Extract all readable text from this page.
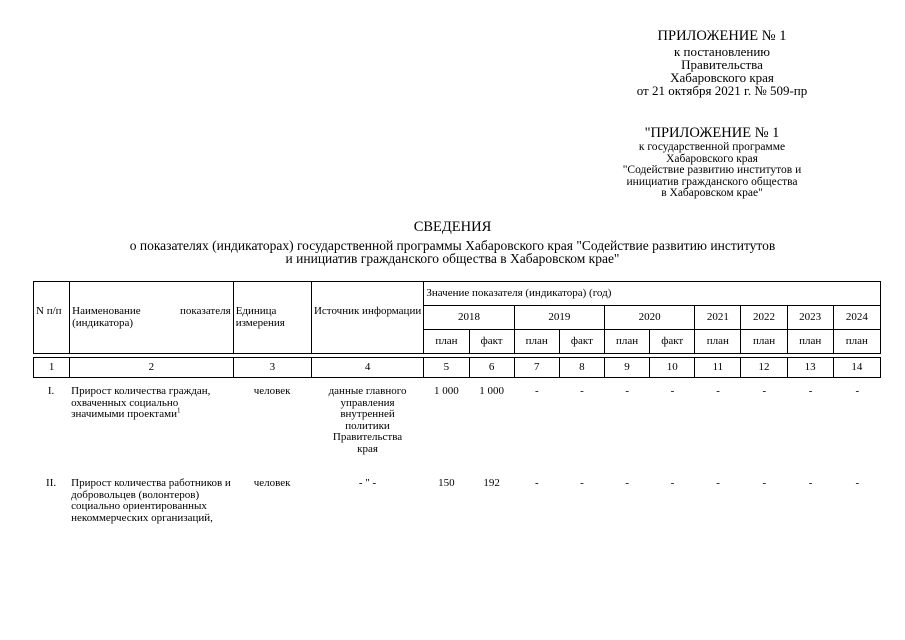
ПРИЛОЖЕНИЕ № 1
к постановлению
Правительства
Хабаровского края
от 21 октября 2021 г. № 509-пр
"ПРИЛОЖЕНИЕ № 1
к государственной программе
Хабаровского края
"Содействие развитию институтов и
инициатив гражданского общества
в Хабаровском крае"
СВЕДЕНИЯ
о показателях (индикаторах) государственной программы Хабаровского края "Содействие развитию институтов
и инициатив гражданского общества в Хабаровском крае"
N п/п	Наименование показателя (индикатора)	Единица измерения	Источник информации	Значение показателя (индикатора) (год)									
				2018		2019		2020		2021	2022	2023	2024
				план	факт	план	факт	план	факт	план	план	план	план

1	2	3	4	5	6	7	8	9	10	11	12	13	14
I.	Прирост количества граждан, охваченных социально значимыми проектами$^1$	человек	данные главного управления внутренней политики Правительства края	1 000	1 000	-	-	-	-	-	-	-	-
II.	Прирост количества работников и добровольцев (волонтеров) социально ориентированных некоммерческих организаций,	человек	- " -	150	192	-	-	-	-	-	-	-	-
